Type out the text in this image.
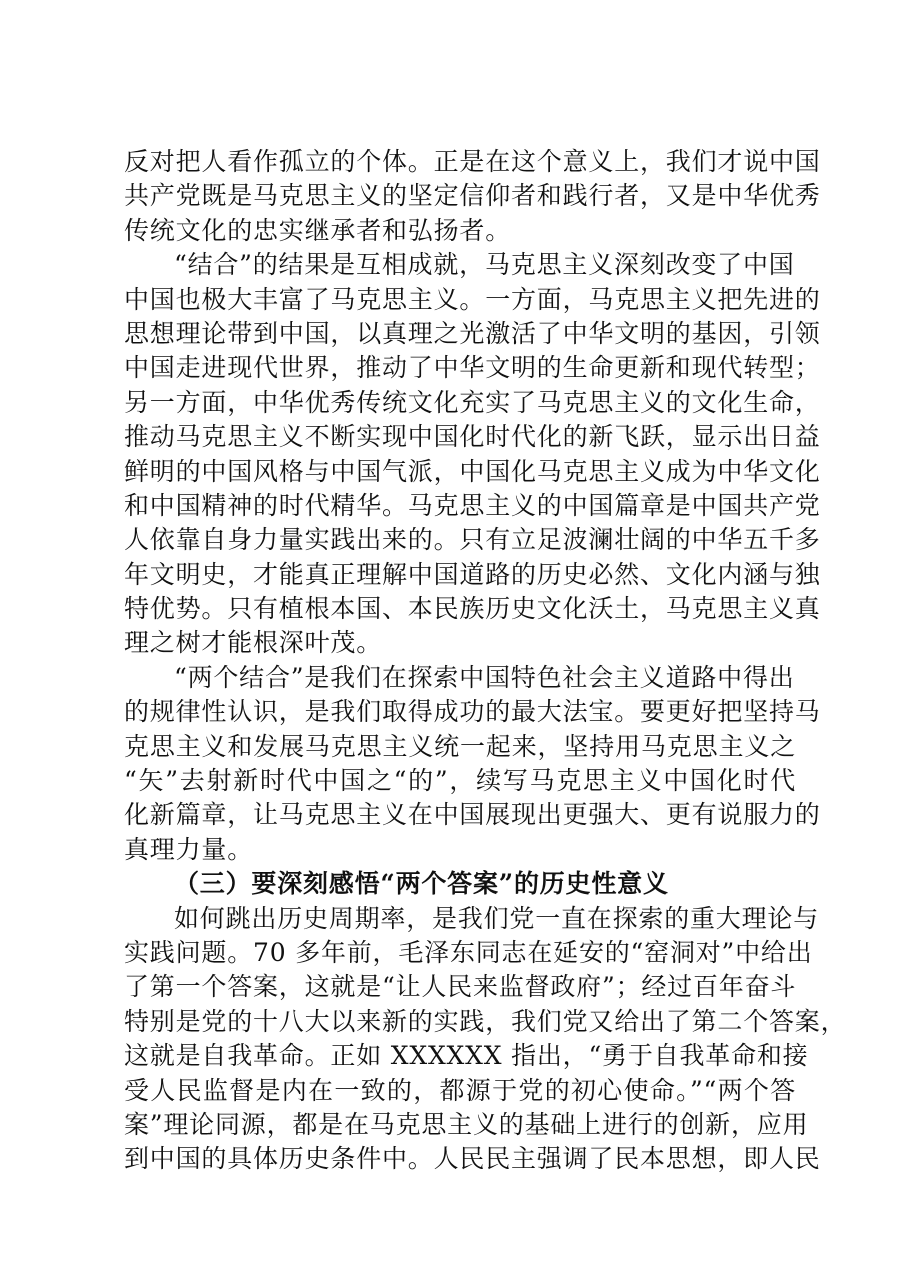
反对把人看作孤立的个体。正是在这个意义上，我们才说中国
共产党既是马克思主义的坚定信仰者和践行者，又是中华优秀
传统文化的忠实继承者和弘扬者。
“结合”的结果是互相成就，马克思主义深刻改变了中国
中国也极大丰富了马克思主义。一方面，马克思主义把先进的
思想理论带到中国，以真理之光激活了中华文明的基因，引领
中国走进现代世界，推动了中华文明的生命更新和现代转型；
另一方面，中华优秀传统文化充实了马克思主义的文化生命，
推动马克思主义不断实现中国化时代化的新飞跃，显示出日益
鲜明的中国风格与中国气派，中国化马克思主义成为中华文化
和中国精神的时代精华。马克思主义的中国篇章是中国共产党
人依靠自身力量实践出来的。只有立足波澜壮阔的中华五千多
年文明史，才能真正理解中国道路的历史必然、文化内涵与独
特优势。只有植根本国、本民族历史文化沃土，马克思主义真
理之树才能根深叶茂。
“两个结合”是我们在探索中国特色社会主义道路中得出
的规律性认识，是我们取得成功的最大法宝。要更好把坚持马
克思主义和发展马克思主义统一起来，坚持用马克思主义之
“矢”去射新时代中国之“的”，续写马克思主义中国化时代
化新篇章，让马克思主义在中国展现出更强大、更有说服力的
真理力量。
（三）要深刻感悟“两个答案”的历史性意义
如何跳出历史周期率，是我们党一直在探索的重大理论与
实践问题。70 多年前，毛泽东同志在延安的“窑洞对”中给出
了第一个答案，这就是“让人民来监督政府”；经过百年奋斗
特别是党的十八大以来新的实践，我们党又给出了第二个答案，
这就是自我革命。正如 XXXXXX 指出，“勇于自我革命和接
受人民监督是内在一致的，都源于党的初心使命。”“两个答
案”理论同源，都是在马克思主义的基础上进行的创新，应用
到中国的具体历史条件中。人民民主强调了民本思想，即人民
